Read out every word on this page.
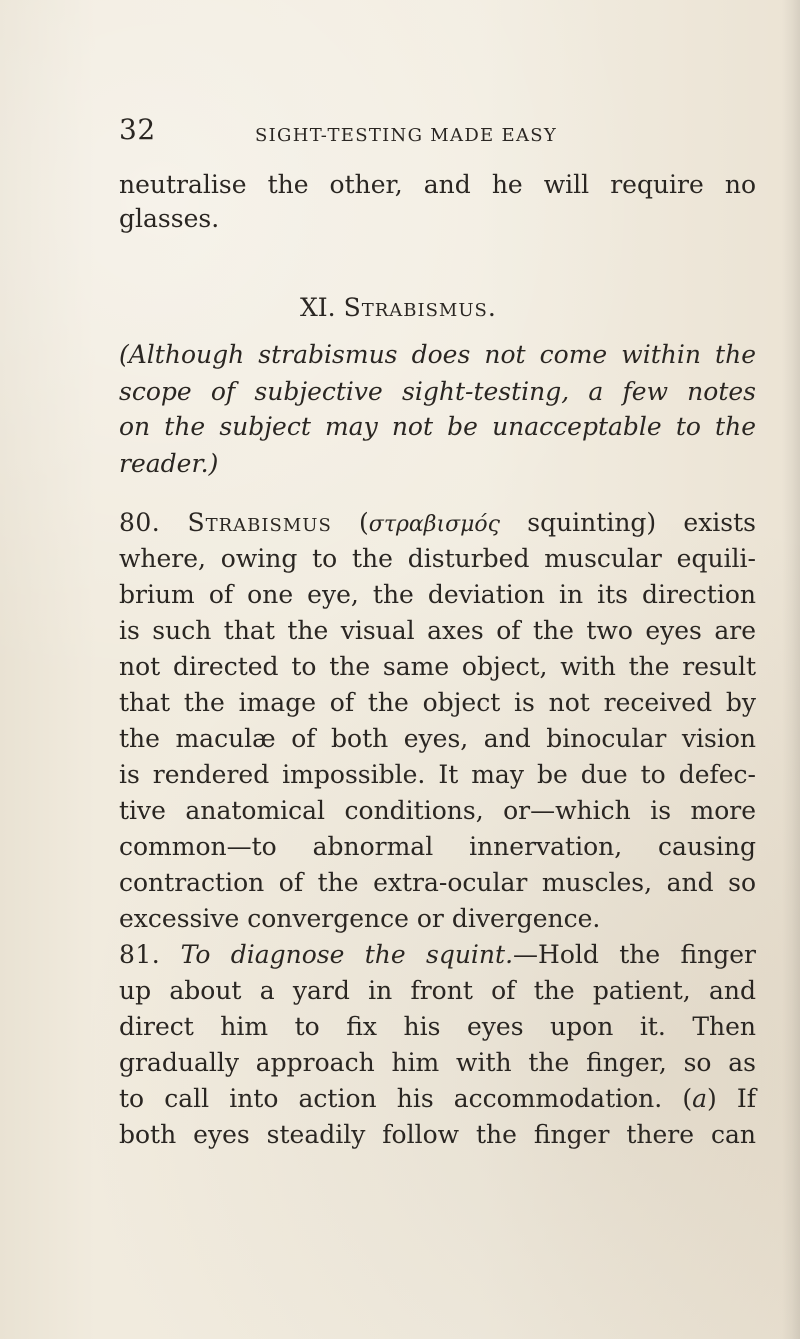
32	SIGHT-TESTING MADE EASY
neutralise the other, and he will require no
glasses.
XI. Strabismus.
(Although strabismus does not come within the
scope of subjective sight-testing, a few notes
on the subject may not be unacceptable to the
reader.)
80. Strabismus (στραβισμός squinting) exists
where, owing to the disturbed muscular equili-
brium of one eye, the deviation in its direction
is such that the visual axes of the two eyes are
not directed to the same object, with the result
that the image of the object is not received by
the maculæ of both eyes, and binocular vision
is rendered impossible. It may be due to defec-
tive anatomical conditions, or—which is more
common—to abnormal innervation, causing
contraction of the extra-ocular muscles, and so
excessive convergence or divergence.
81. To diagnose the squint.—Hold the finger
up about a yard in front of the patient, and
direct him to fix his eyes upon it. Then
gradually approach him with the finger, so as
to call into action his accommodation. (a) If
both eyes steadily follow the finger there can
